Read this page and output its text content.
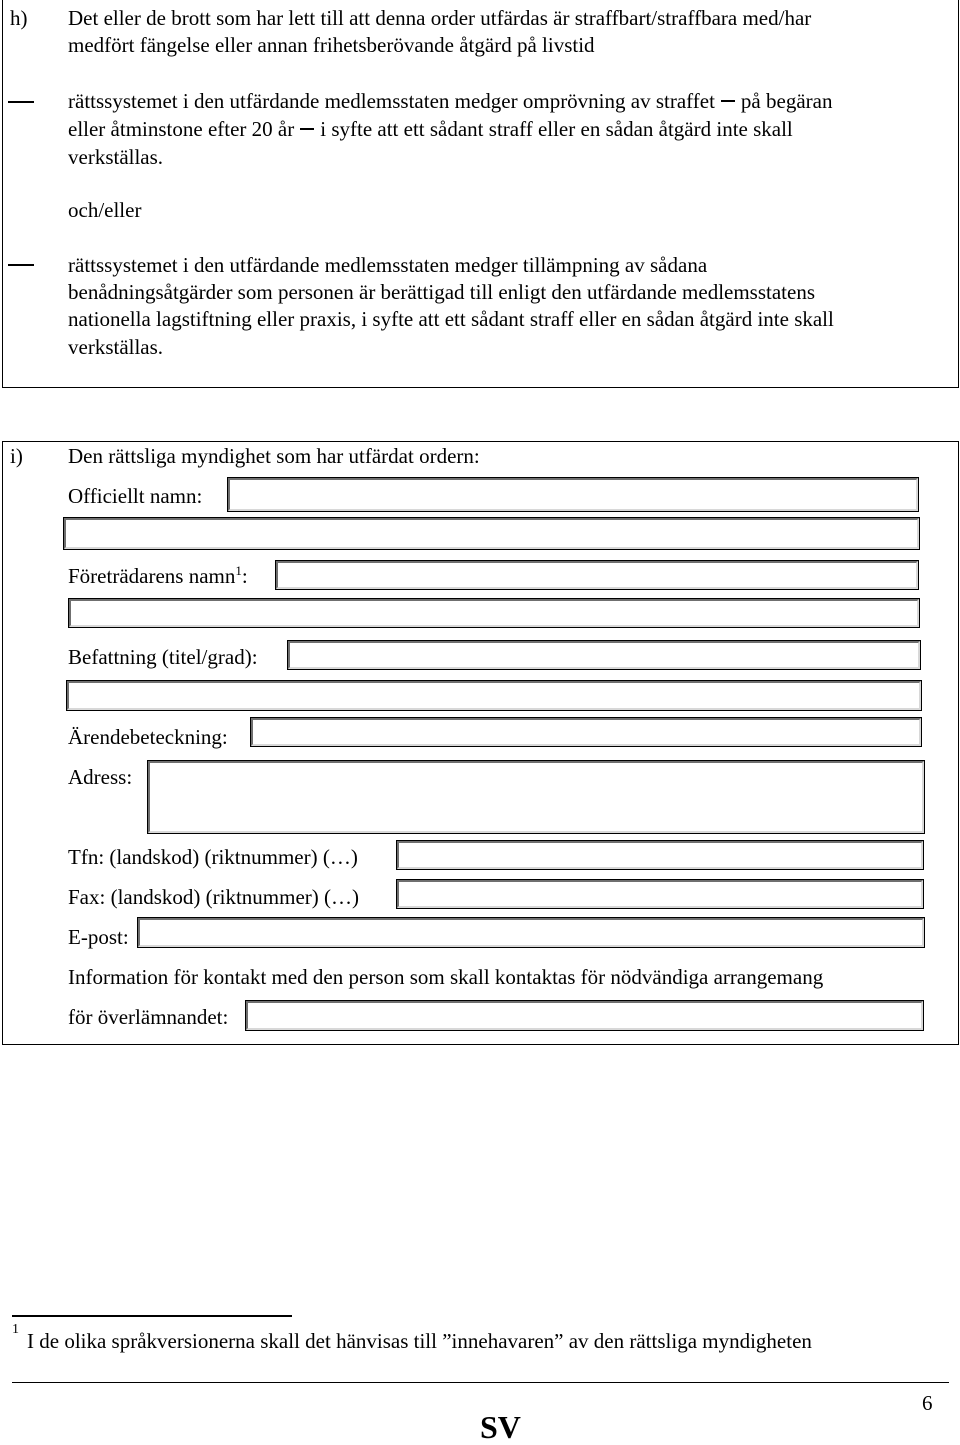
h) Det eller de brott som har lett till att denna order utfärdas är straffbart/straffbara med/har
medfört fängelse eller annan frihetsberövande åtgärd på livstid
rättssystemet i den utfärdande medlemsstaten medger omprövning av straffet på begäran
eller åtminstone efter 20 år i syfte att ett sådant straff eller en sådan åtgärd inte skall
verkställas.
och/eller
rättssystemet i den utfärdande medlemsstaten medger tillämpning av sådana
benådningsåtgärder som personen är berättigad till enligt den utfärdande medlemsstatens
nationella lagstiftning eller praxis, i syfte att ett sådant straff eller en sådan åtgärd inte skall
verkställas.
i) Den rättsliga myndighet som har utfärdat ordern:
Officiellt namn:
Företrädarens namn$^1$:
Befattning (titel/grad):
Ärendebeteckning:
Adress:
Tfn: (landskod) (riktnummer) (…)
Fax: (landskod) (riktnummer) (…)
E-post:
Information för kontakt med den person som skall kontaktas för nödvändiga arrangemang
för överlämnandet:
1 I de olika språkversionerna skall det hänvisas till ”innehavaren” av den rättsliga myndigheten
6
SV
